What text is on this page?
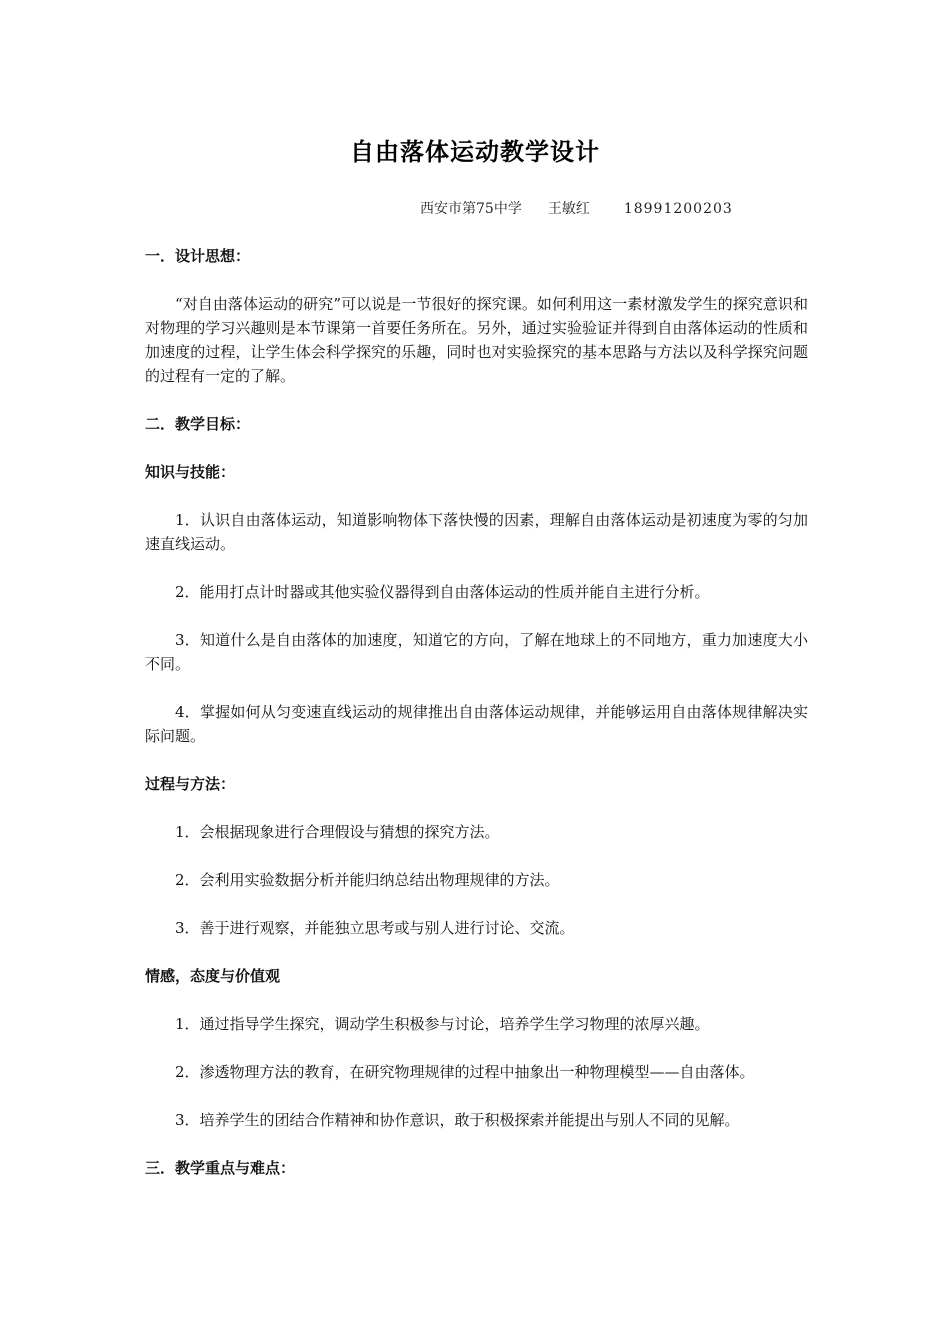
自由落体运动教学设计
西安市第75中学 王敏红 18991200203

一．设计思想：

“对自由落体运动的研究”可以说是一节很好的探究课。如何利用这一素材激发学生的探究意识和对物理的学习兴趣则是本节课第一首要任务所在。另外，通过实验验证并得到自由落体运动的性质和加速度的过程，让学生体会科学探究的乐趣，同时也对实验探究的基本思路与方法以及科学探究问题的过程有一定的了解。

二．教学目标：

知识与技能：

1．认识自由落体运动，知道影响物体下落快慢的因素，理解自由落体运动是初速度为零的匀加速直线运动。

2．能用打点计时器或其他实验仪器得到自由落体运动的性质并能自主进行分析。

3．知道什么是自由落体的加速度，知道它的方向，了解在地球上的不同地方，重力加速度大小不同。

4．掌握如何从匀变速直线运动的规律推出自由落体运动规律，并能够运用自由落体规律解决实际问题。

过程与方法：

1．会根据现象进行合理假设与猜想的探究方法。

2．会利用实验数据分析并能归纳总结出物理规律的方法。

3．善于进行观察，并能独立思考或与别人进行讨论、交流。

情感，态度与价值观

1．通过指导学生探究，调动学生积极参与讨论，培养学生学习物理的浓厚兴趣。

2．渗透物理方法的教育，在研究物理规律的过程中抽象出一种物理模型——自由落体。

3．培养学生的团结合作精神和协作意识，敢于积极探索并能提出与别人不同的见解。

三．教学重点与难点：
